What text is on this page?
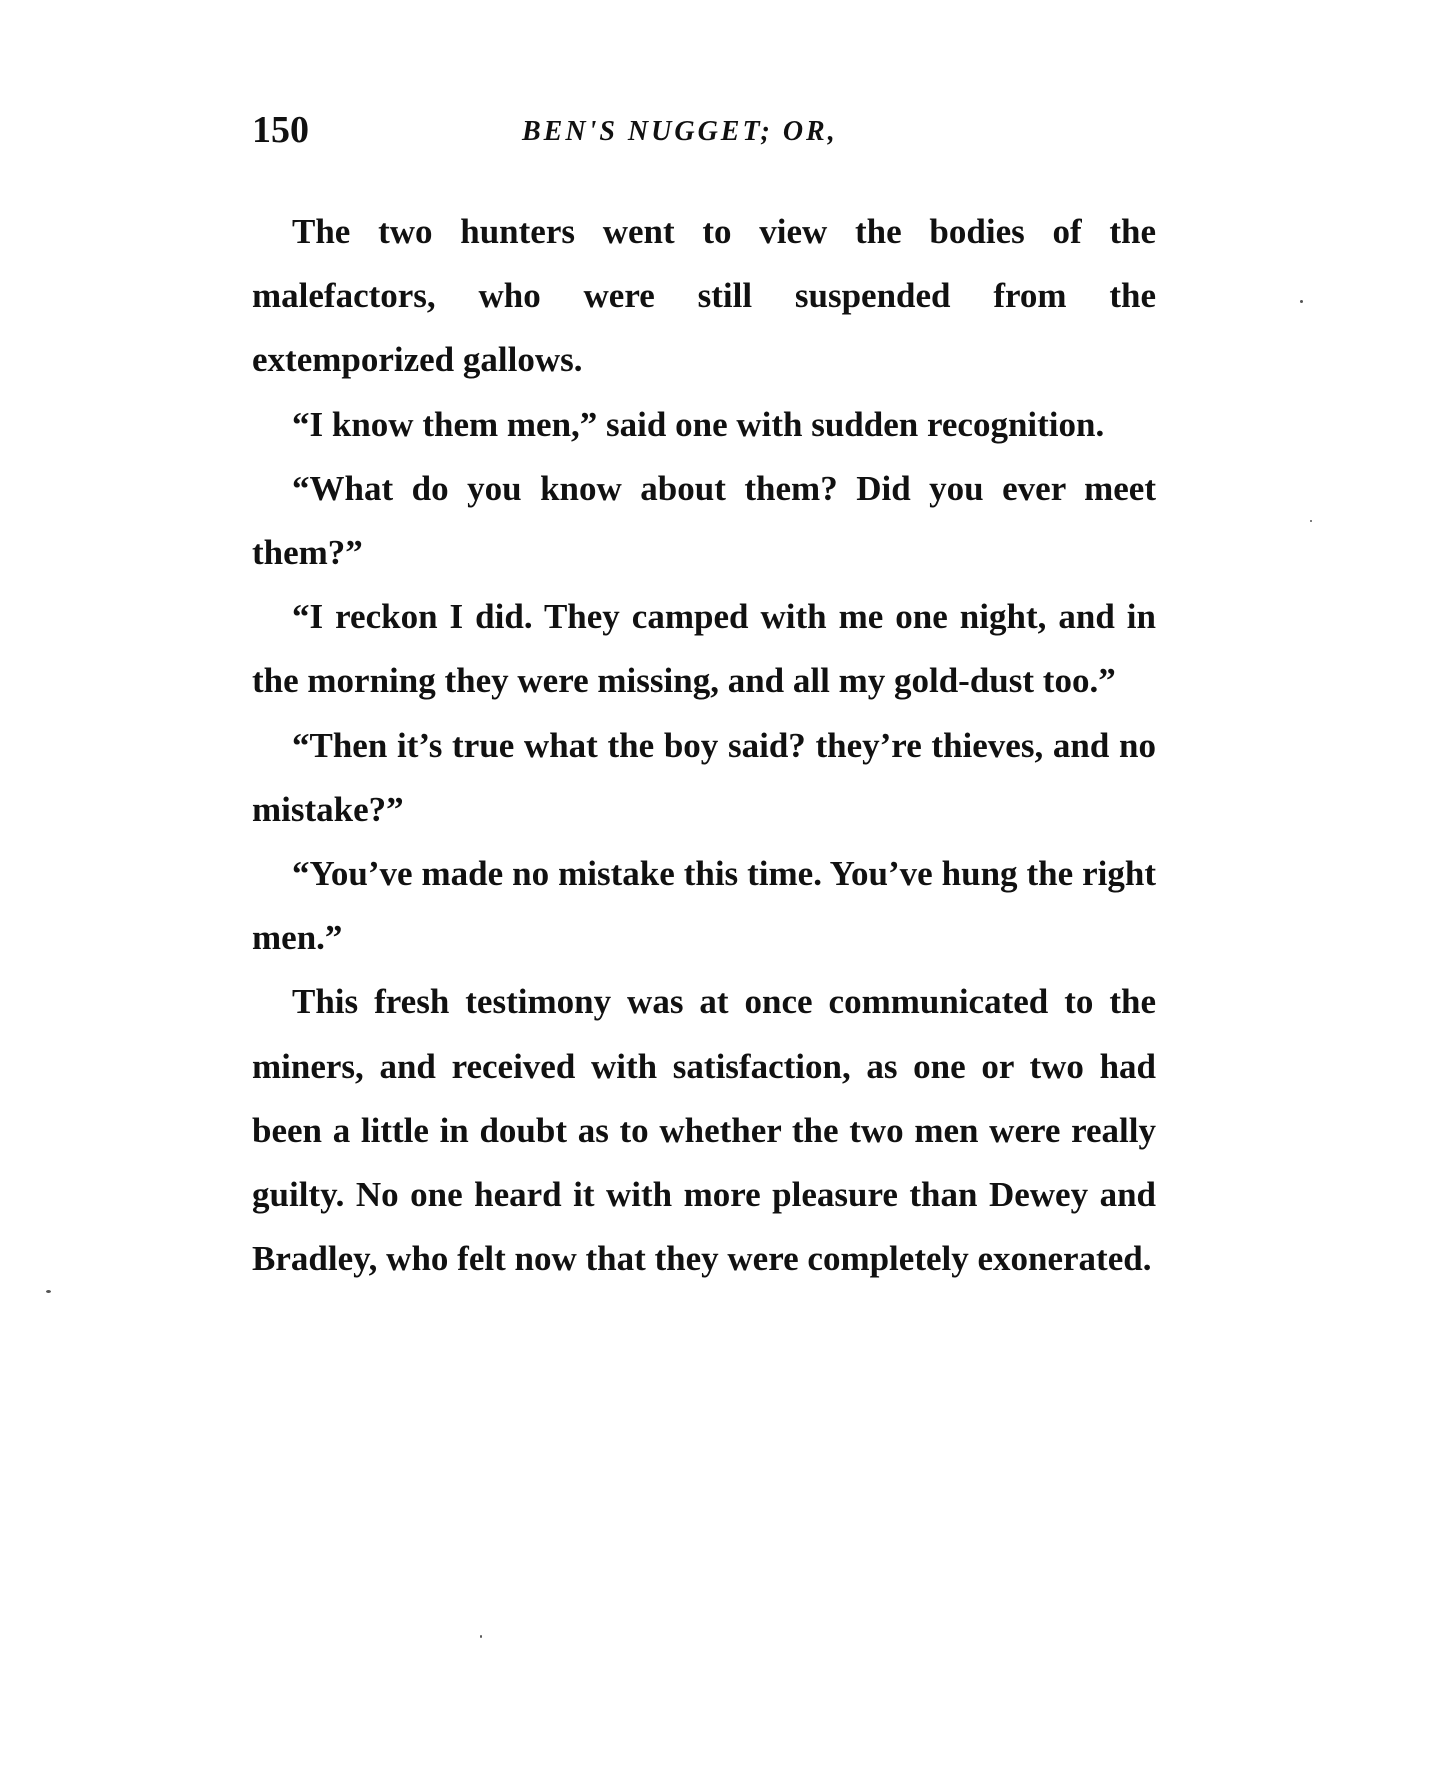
150	BEN'S NUGGET; OR,

The two hunters went to view the bodies of the malefactors, who were still suspended from the extemporized gallows.

“I know them men,” said one with sudden recognition.

“What do you know about them? Did you ever meet them?”

“I reckon I did. They camped with me one night, and in the morning they were missing, and all my gold-dust too.”

“Then it’s true what the boy said? they’re thieves, and no mistake?”

“You’ve made no mistake this time. You’ve hung the right men.”

This fresh testimony was at once communicated to the miners, and received with satisfaction, as one or two had been a little in doubt as to whether the two men were really guilty. No one heard it with more pleasure than Dewey and Bradley, who felt now that they were completely exonerated.
